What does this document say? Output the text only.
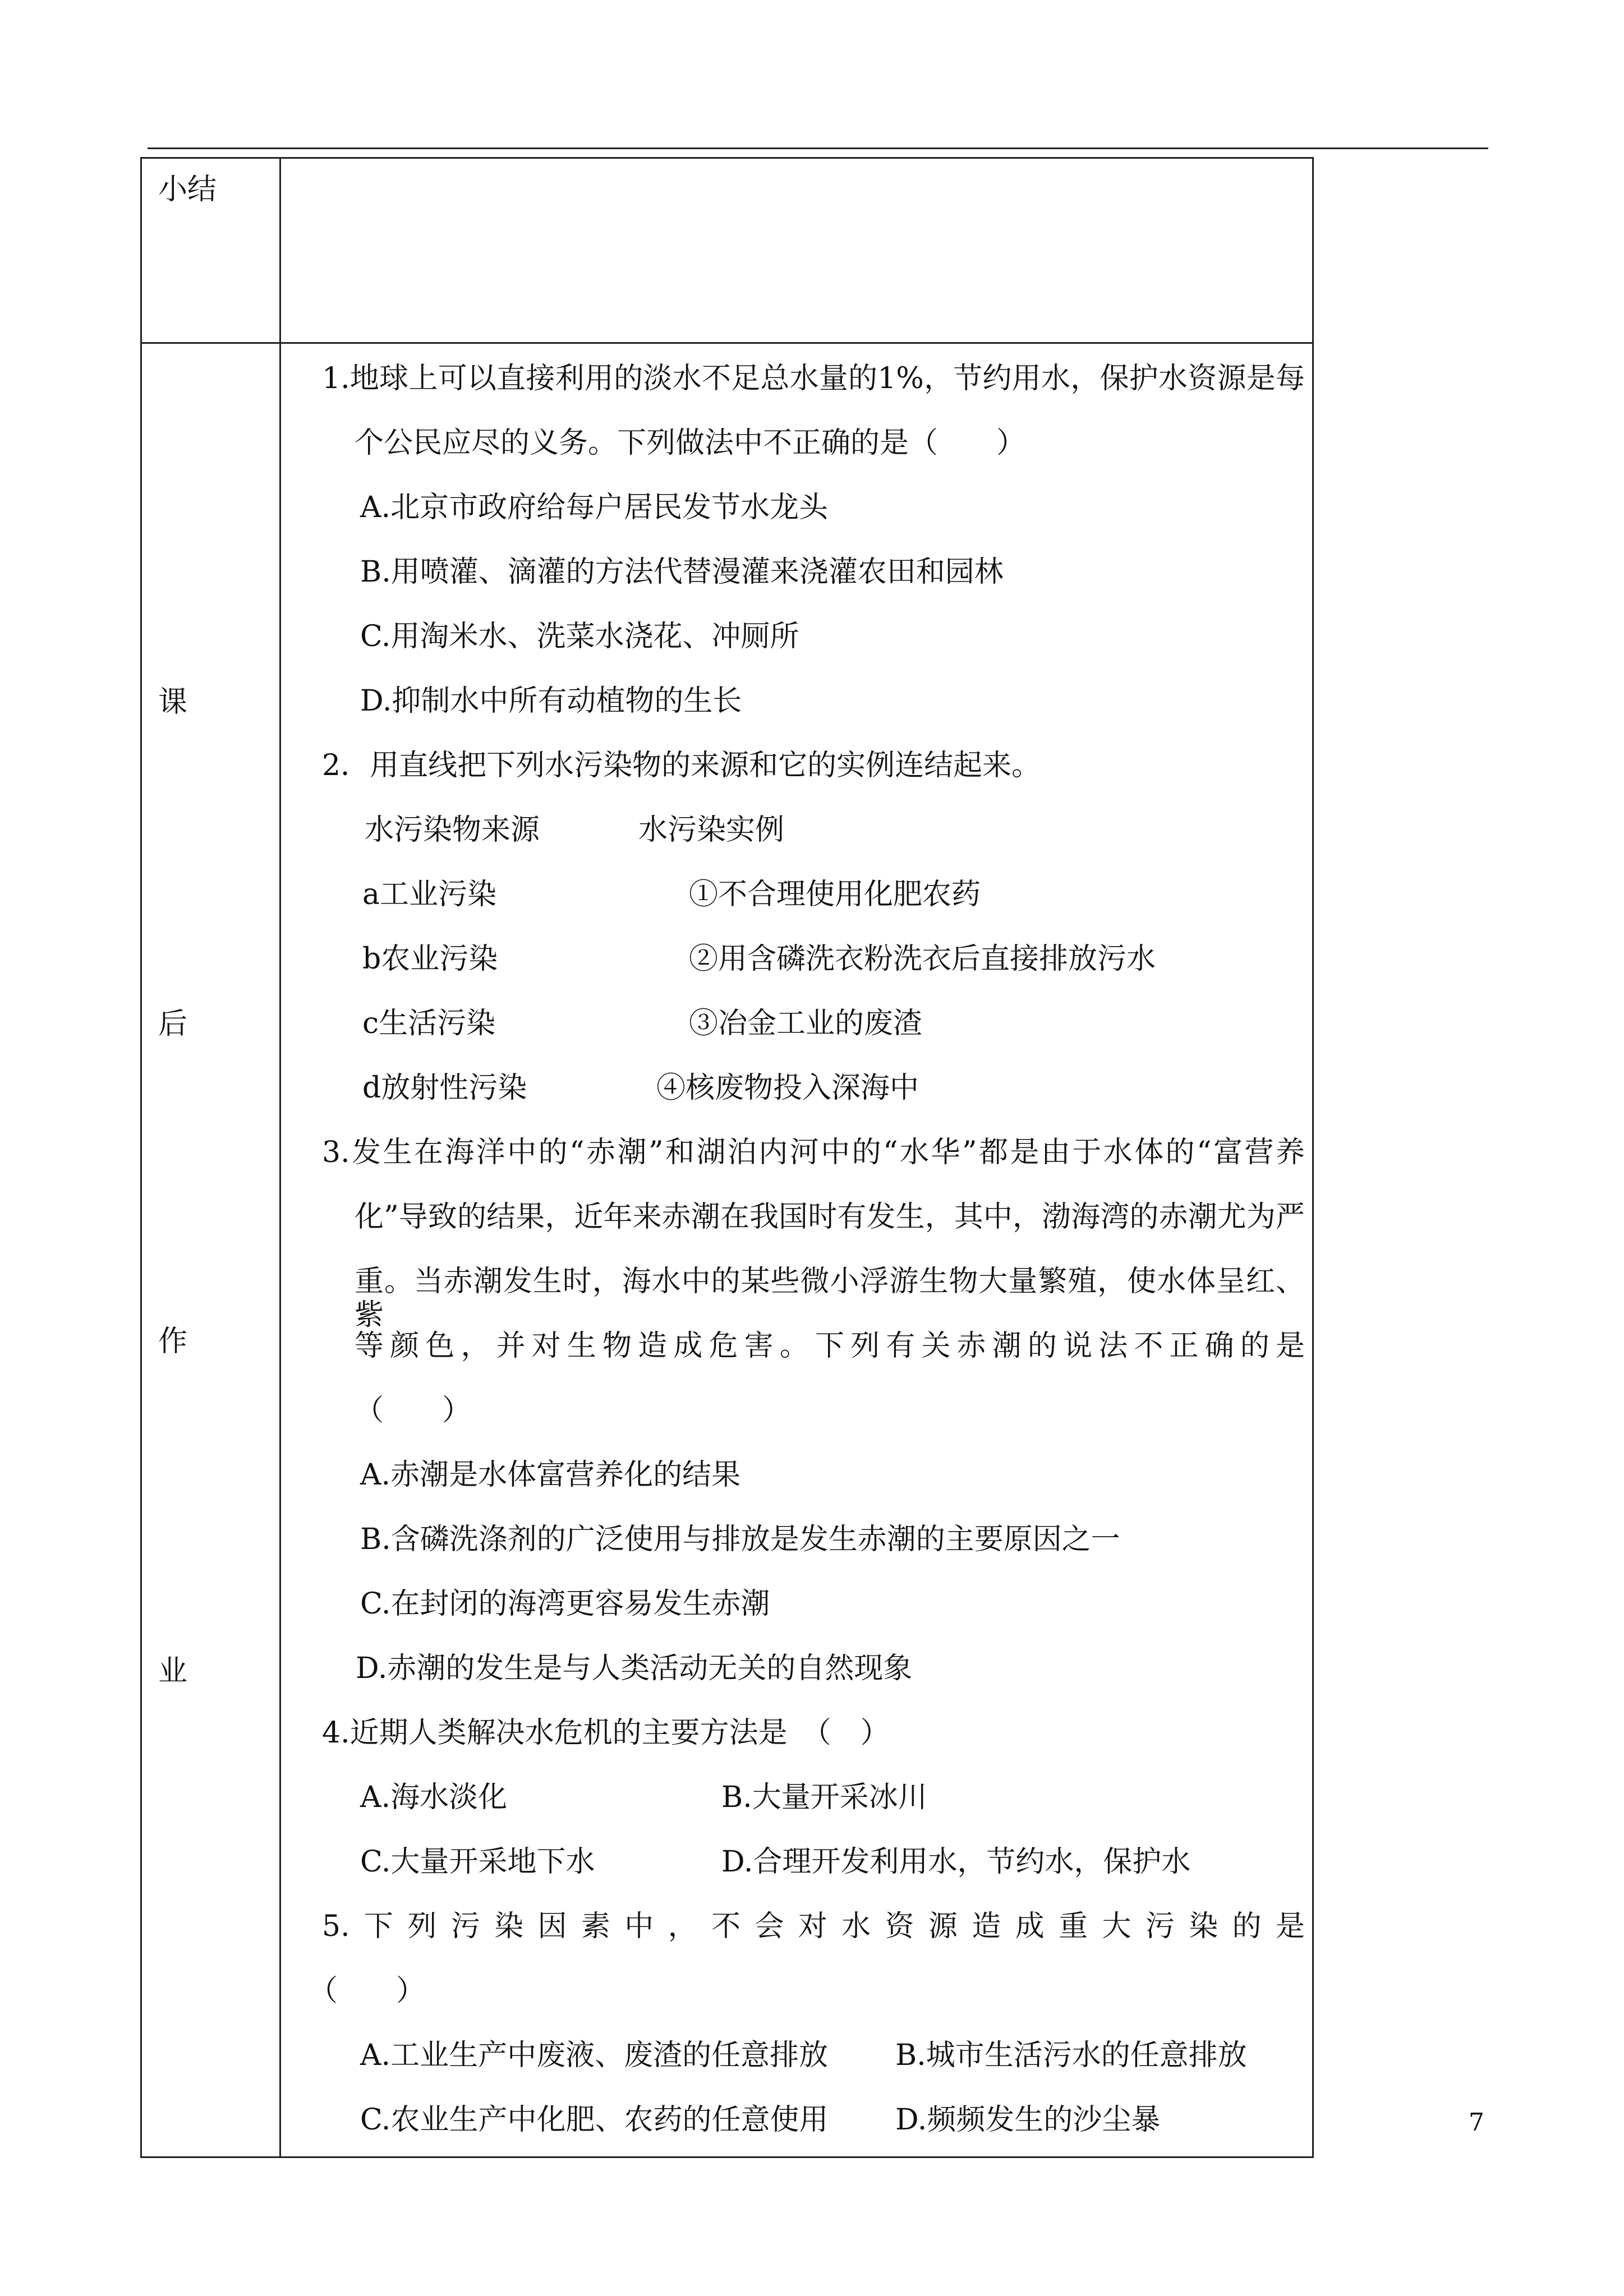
小结
课
后
作
业
1.地球上可以直接利用的淡水不足总水量的1%，节约用水，保护水资源是每
个公民应尽的义务。下列做法中不正确的是（　　）
A.北京市政府给每户居民发节水龙头
B.用喷灌、滴灌的方法代替漫灌来浇灌农田和园林
C.用淘米水、洗菜水浇花、冲厕所
D.抑制水中所有动植物的生长
2．用直线把下列水污染物的来源和它的实例连结起来。
水污染物来源	水污染实例
a工业污染	①不合理使用化肥农药
b农业污染	②用含磷洗衣粉洗衣后直接排放污水
c生活污染	③冶金工业的废渣
d放射性污染	④核废物投入深海中
3.发生在海洋中的“赤潮”和湖泊内河中的“水华”都是由于水体的“富营养
化”导致的结果，近年来赤潮在我国时有发生，其中，渤海湾的赤潮尤为严
重。当赤潮发生时，海水中的某些微小浮游生物大量繁殖，使水体呈红、紫
等颜色，并对生物造成危害。下列有关赤潮的说法不正确的是
（　　）
A.赤潮是水体富营养化的结果
B.含磷洗涤剂的广泛使用与排放是发生赤潮的主要原因之一
C.在封闭的海湾更容易发生赤潮
D.赤潮的发生是与人类活动无关的自然现象
4.近期人类解决水危机的主要方法是　（　）
A.海水淡化	B.大量开采冰川
C.大量开采地下水	D.合理开发利用水，节约水，保护水
5.下列污染因素中，不会对水资源造成重大污染的是
（　　）
A.工业生产中废液、废渣的任意排放 B.城市生活污水的任意排放
C.农业生产中化肥、农药的任意使用 D.频频发生的沙尘暴	7
